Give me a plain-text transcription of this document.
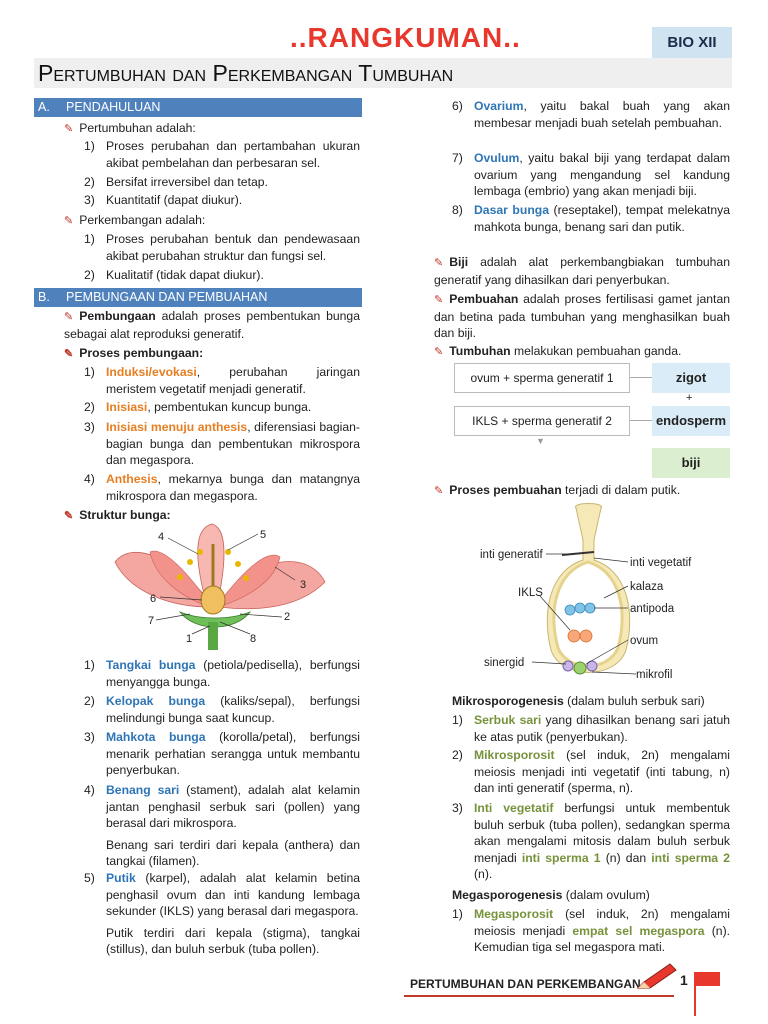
..RANGKUMAN..	BIO XII
Pertumbuhan dan Perkembangan Tumbuhan
A. PENDAHULUAN
✎ Pertumbuhan adalah:
1) Proses perubahan dan pertambahan ukuran akibat pembelahan dan perbesaran sel.
2) Bersifat irreversibel dan tetap.
3) Kuantitatif (dapat diukur).
✎ Perkembangan adalah:
1) Proses perubahan bentuk dan pendewasaan akibat perubahan struktur dan fungsi sel.
2) Kualitatif (tidak dapat diukur).
B. PEMBUNGAAN DAN PEMBUAHAN
✎ Pembungaan adalah proses pembentukan bunga sebagai alat reproduksi generatif.
✎ Proses pembungaan:
1) Induksi/evokasi, perubahan jaringan meristem vegetatif menjadi generatif.
2) Inisiasi, pembentukan kuncup bunga.
3) Inisiasi menuju anthesis, diferensiasi bagian-bagian bunga dan pembentukan mikrospora dan megaspora.
4) Anthesis, mekarnya bunga dan matangnya mikrospora dan megaspora.
✎ Struktur bunga:
4	5
3
6
7	2
1	8
1) Tangkai bunga (petiola/pedisella), berfungsi menyangga bunga.
2) Kelopak bunga (kaliks/sepal), berfungsi melindungi bunga saat kuncup.
3) Mahkota bunga (korolla/petal), berfungsi menarik perhatian serangga untuk membantu penyerbukan.
4) Benang sari (stament), adalah alat kelamin jantan penghasil serbuk sari (pollen) yang berasal dari mikrospora.
Benang sari terdiri dari kepala (anthera) dan tangkai (filamen).
5) Putik (karpel), adalah alat kelamin betina penghasil ovum dan inti kandung lembaga sekunder (IKLS) yang berasal dari megaspora.
Putik terdiri dari kepala (stigma), tangkai (stillus), dan buluh serbuk (tuba pollen).
6) Ovarium, yaitu bakal buah yang akan membesar menjadi buah setelah pembuahan.
7) Ovulum, yaitu bakal biji yang terdapat dalam ovarium yang mengandung sel kandung lembaga (embrio) yang akan menjadi biji.
8) Dasar bunga (reseptakel), tempat melekatnya mahkota bunga, benang sari dan putik.
✎ Biji adalah alat perkembangbiakan tumbuhan generatif yang dihasilkan dari penyerbukan.
✎ Pembuahan adalah proses fertilisasi gamet jantan dan betina pada tumbuhan yang menghasilkan buah dan biji.
✎ Tumbuhan melakukan pembuahan ganda.
ovum + sperma generatif 1	zigot
+
IKLS + sperma generatif 2	endosperm
biji
▼
✎ Proses pembuahan terjadi di dalam putik.
inti generatif
inti vegetatif
kalaza
IKLS
antipoda
ovum
sinergid
mikrofil
Mikrosporogenesis (dalam buluh serbuk sari)
1) Serbuk sari yang dihasilkan benang sari jatuh ke atas putik (penyerbukan).
2) Mikrosporosit (sel induk, 2n) mengalami meiosis menjadi inti vegetatif (inti tabung, n) dan inti generatif (sperma, n).
3) Inti vegetatif berfungsi untuk membentuk buluh serbuk (tuba pollen), sedangkan sperma akan mengalami mitosis dalam buluh serbuk menjadi inti sperma 1 (n) dan inti sperma 2 (n).
Megasporogenesis (dalam ovulum)
1) Megasporosit (sel induk, 2n) mengalami meiosis menjadi empat sel megaspora (n). Kemudian tiga sel megaspora mati.
PERTUMBUHAN DAN PERKEMBANGAN	1
